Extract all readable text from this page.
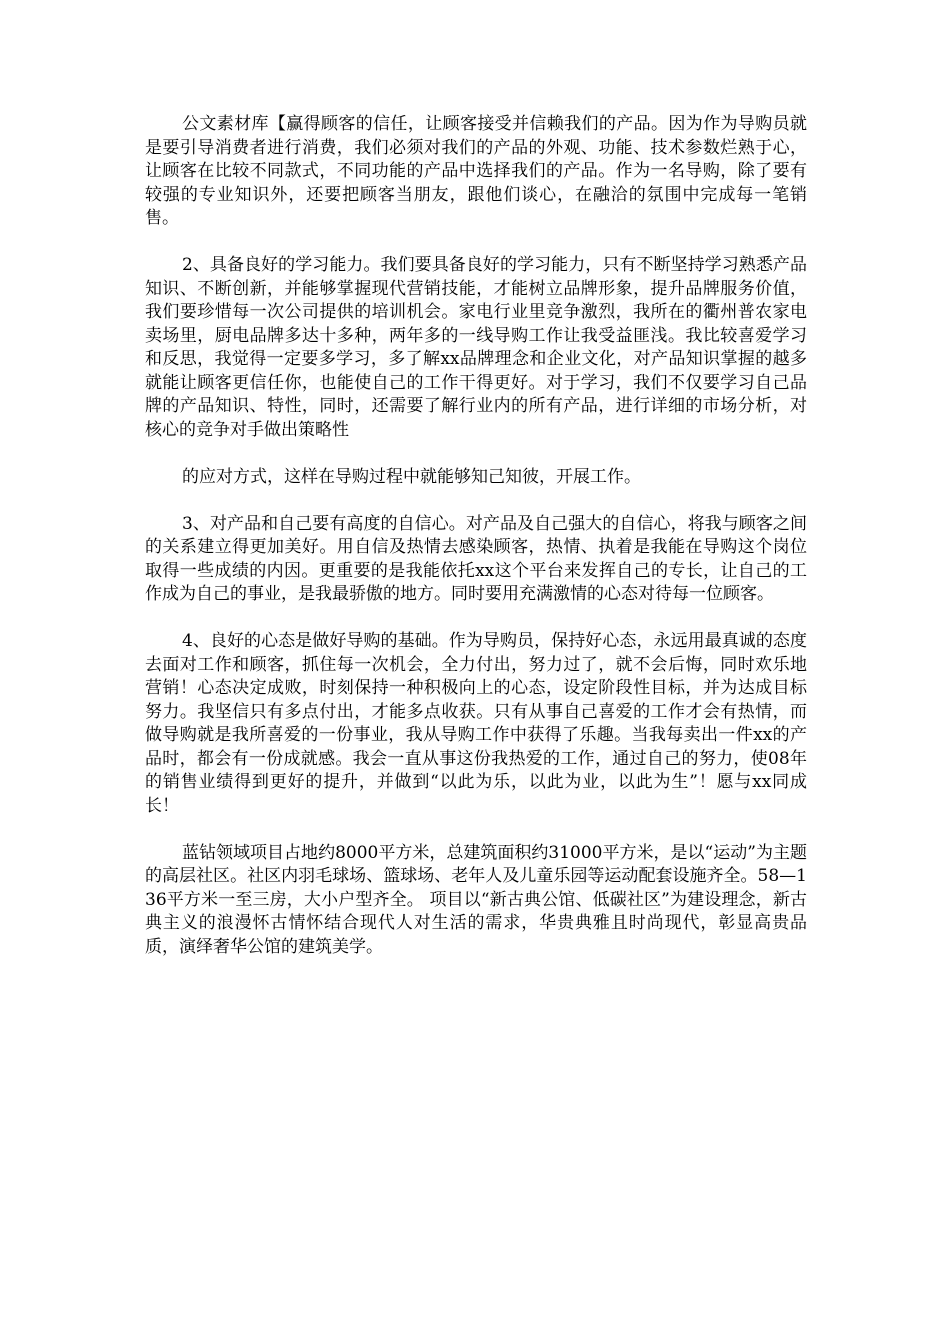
公文素材库【赢得顾客的信任，让顾客接受并信赖我们的产品。因为作为导购员就是要引导消费者进行消费，我们必须对我们的产品的外观、功能、技术参数烂熟于心，让顾客在比较不同款式，不同功能的产品中选择我们的产品。作为一名导购，除了要有较强的专业知识外，还要把顾客当朋友，跟他们谈心，在融洽的氛围中完成每一笔销售。

2、具备良好的学习能力。我们要具备良好的学习能力，只有不断坚持学习熟悉产品知识、不断创新，并能够掌握现代营销技能，才能树立品牌形象，提升品牌服务价值，我们要珍惜每一次公司提供的培训机会。家电行业里竞争激烈，我所在的衢州普农家电卖场里，厨电品牌多达十多种，两年多的一线导购工作让我受益匪浅。我比较喜爱学习和反思，我觉得一定要多学习，多了解xx品牌理念和企业文化，对产品知识掌握的越多就能让顾客更信任你，也能使自己的工作干得更好。对于学习，我们不仅要学习自己品牌的产品知识、特性，同时，还需要了解行业内的所有产品，进行详细的市场分析，对核心的竞争对手做出策略性

的应对方式，这样在导购过程中就能够知己知彼，开展工作。

3、对产品和自己要有高度的自信心。对产品及自己强大的自信心，将我与顾客之间的关系建立得更加美好。用自信及热情去感染顾客，热情、执着是我能在导购这个岗位取得一些成绩的内因。更重要的是我能依托xx这个平台来发挥自己的专长，让自己的工作成为自己的事业，是我最骄傲的地方。同时要用充满激情的心态对待每一位顾客。

4、良好的心态是做好导购的基础。作为导购员，保持好心态，永远用最真诚的态度去面对工作和顾客，抓住每一次机会，全力付出，努力过了，就不会后悔，同时欢乐地营销！心态决定成败，时刻保持一种积极向上的心态，设定阶段性目标，并为达成目标努力。我坚信只有多点付出，才能多点收获。只有从事自己喜爱的工作才会有热情，而做导购就是我所喜爱的一份事业，我从导购工作中获得了乐趣。当我每卖出一件xx的产品时，都会有一份成就感。我会一直从事这份我热爱的工作，通过自己的努力，使08年的销售业绩得到更好的提升，并做到“以此为乐，以此为业，以此为生”！愿与xx同成长！

蓝钻领域项目占地约8000平方米，总建筑面积约31000平方米，是以“运动”为主题的高层社区。社区内羽毛球场、篮球场、老年人及儿童乐园等运动配套设施齐全。58—136平方米一至三房，大小户型齐全。 项目以“新古典公馆、低碳社区”为建设理念，新古典主义的浪漫怀古情怀结合现代人对生活的需求，华贵典雅且时尚现代，彰显高贵品质，演绎奢华公馆的建筑美学。
